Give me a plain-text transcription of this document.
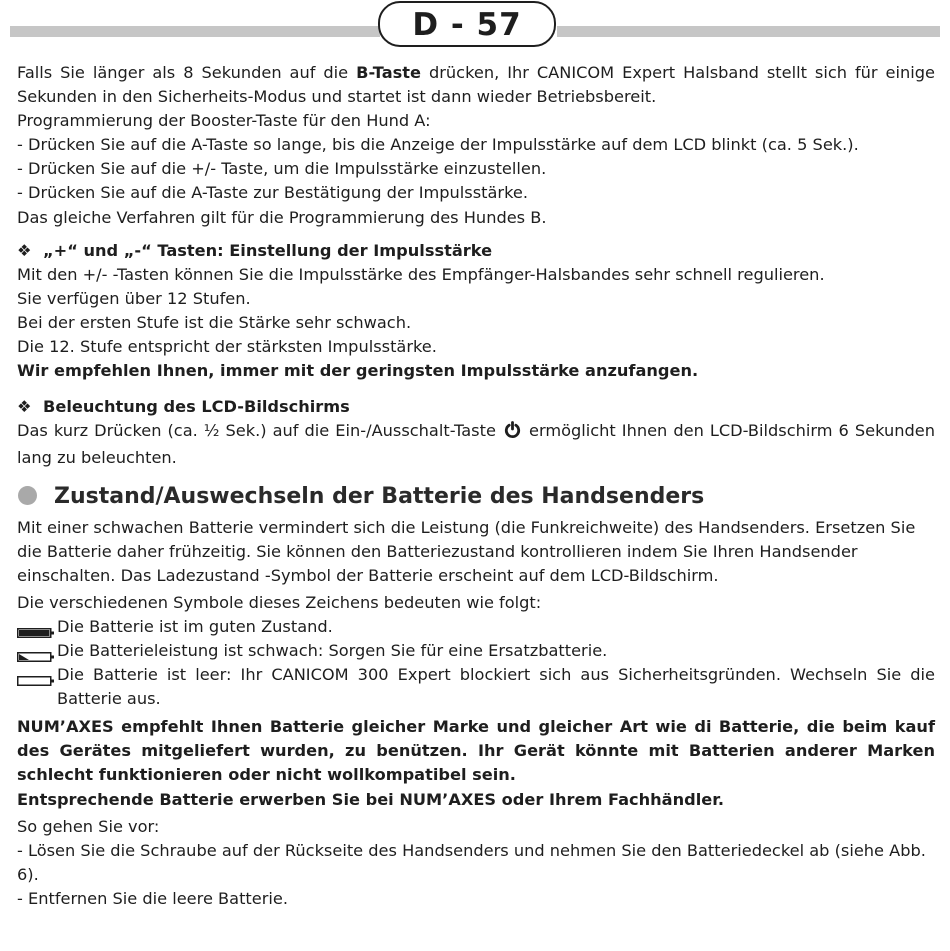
D - 57

Falls Sie länger als 8 Sekunden auf die B-Taste drücken, Ihr CANICOM Expert Halsband stellt sich für einige Sekunden in den Sicherheits-Modus und startet ist dann wieder Betriebsbereit.

Programmierung der Booster-Taste für den Hund A:

- Drücken Sie auf die A-Taste so lange, bis die Anzeige der Impulsstärke auf dem LCD blinkt (ca. 5 Sek.).

- Drücken Sie auf die +/- Taste, um die Impulsstärke einzustellen.

- Drücken Sie auf die A-Taste zur Bestätigung der Impulsstärke.

Das gleiche Verfahren gilt für die Programmierung des Hundes B.

❖ „+“ und „-“ Tasten: Einstellung der Impulsstärke

Mit den +/- -Tasten können Sie die Impulsstärke des Empfänger-Halsbandes sehr schnell regulieren.

Sie verfügen über 12 Stufen.

Bei der ersten Stufe ist die Stärke sehr schwach.

Die 12. Stufe entspricht der stärksten Impulsstärke.

Wir empfehlen Ihnen, immer mit der geringsten Impulsstärke anzufangen.

❖ Beleuchtung des LCD-Bildschirms

Das kurz Drücken (ca. ½ Sek.) auf die Ein-/Ausschalt-Taste  ermöglicht Ihnen den LCD-Bildschirm 6 Sekunden lang zu beleuchten.

Zustand/Auswechseln der Batterie des Handsenders

Mit einer schwachen Batterie vermindert sich die Leistung (die Funkreichweite) des Handsenders. Ersetzen Sie die Batterie daher frühzeitig. Sie können den Batteriezustand kontrollieren indem Sie Ihren Handsender einschalten. Das Ladezustand -Symbol der Batterie erscheint auf dem LCD-Bildschirm.

Die verschiedenen Symbole dieses Zeichens bedeuten wie folgt:

Die Batterie ist im guten Zustand.
Die Batterieleistung ist schwach: Sorgen Sie für eine Ersatzbatterie.
Die Batterie ist leer: Ihr CANICOM 300 Expert blockiert sich aus Sicherheitsgründen. Wechseln Sie die Batterie aus.

NUM’AXES empfehlt Ihnen Batterie gleicher Marke und gleicher Art wie di Batterie, die beim kauf des Gerätes mitgeliefert wurden, zu benützen. Ihr Gerät könnte mit Batterien anderer Marken schlecht funktionieren oder nicht wollkompatibel sein.

Entsprechende Batterie erwerben Sie bei NUM’AXES oder Ihrem Fachhändler.

So gehen Sie vor:

- Lösen Sie die Schraube auf der Rückseite des Handsenders und nehmen Sie den Batteriedeckel ab (siehe Abb. 6).

- Entfernen Sie die leere Batterie.
